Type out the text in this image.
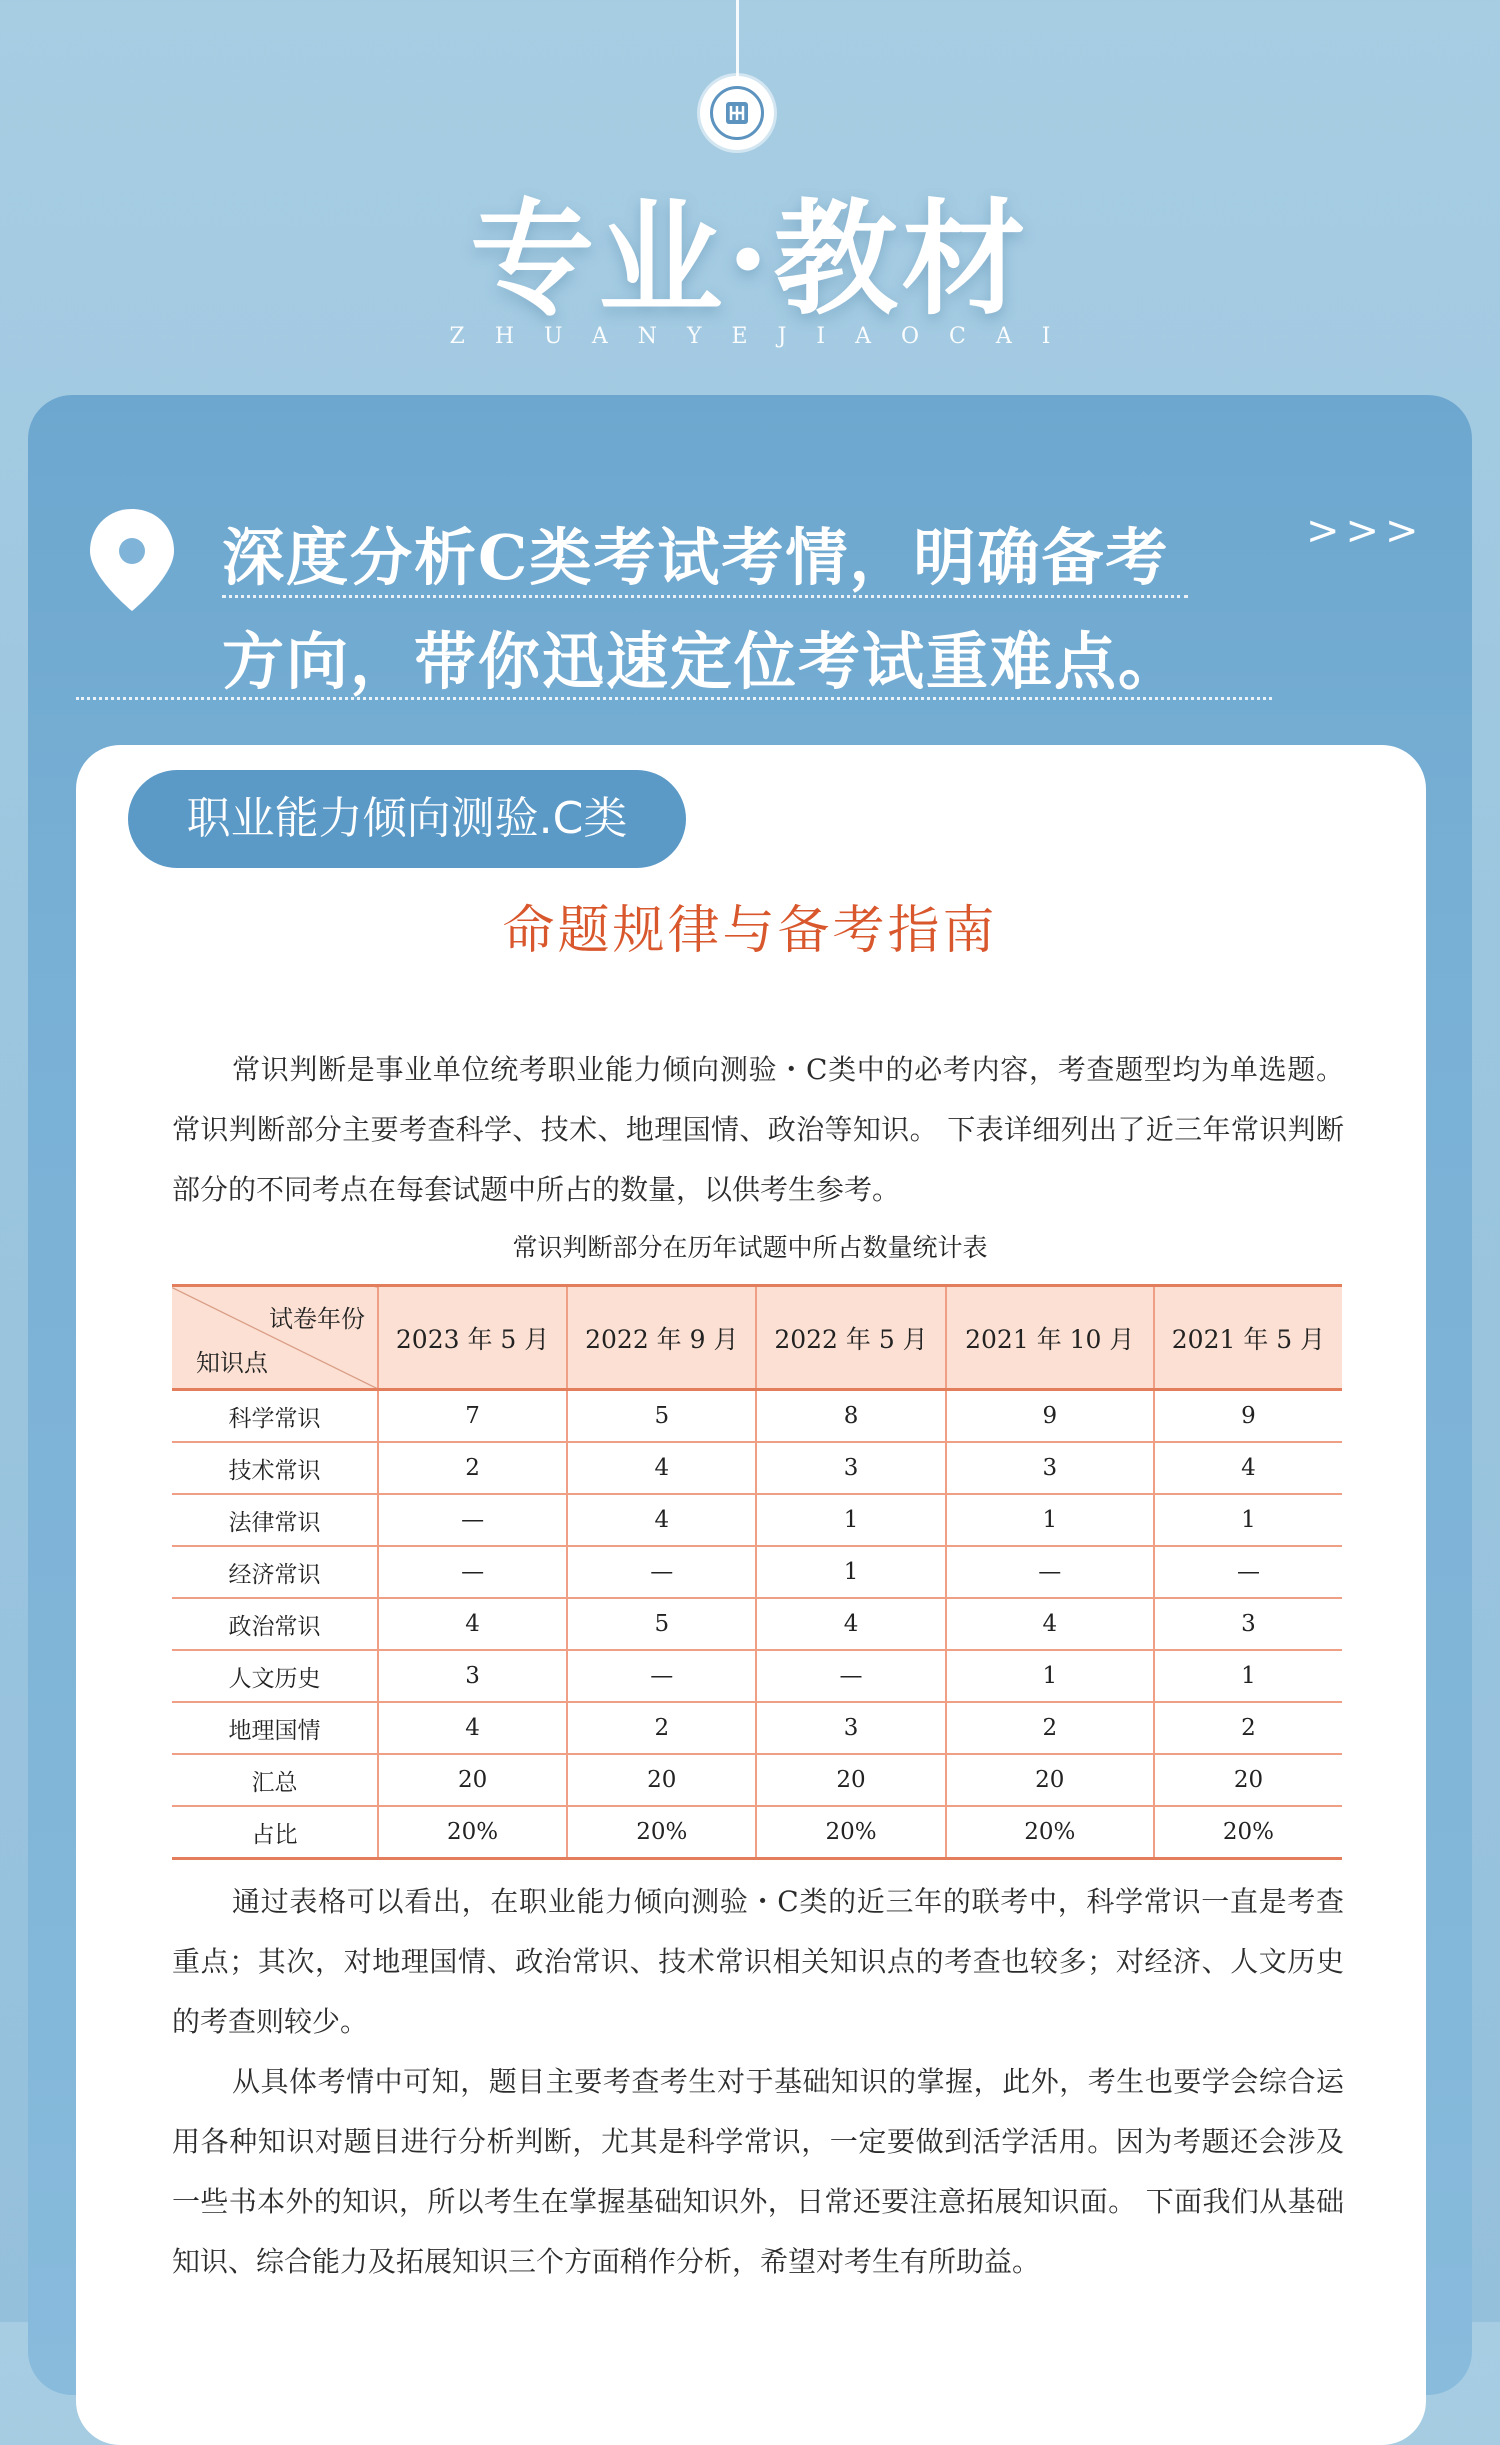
专业·教材
ZHUANYEJIAOCAI
深度分析C类考试考情，明确备考
方向，带你迅速定位考试重难点。
>>>
职业能力倾向测验.C类
命题规律与备考指南

常识判断是事业单位统考职业能力倾向测验・C类中的必考内容，考查题型均为单选题。 常识判断部分主要考查科学、技术、地理国情、政治等知识。 下表详细列出了近三年常识判断部分的不同考点在每套试题中所占的数量，以供考生参考。

常识判断部分在历年试题中所占数量统计表
试卷年份
知识点	2023 年 5 月	2022 年 9 月	2022 年 5 月	2021 年 10 月	2021 年 5 月
科学常识	7	5	8	9	9
技术常识	2	4	3	3	4
法律常识	—	4	1	1	1
经济常识	—	—	1	—	—
政治常识	4	5	4	4	3
人文历史	3	—	—	1	1
地理国情	4	2	3	2	2
汇总	20	20	20	20	20
占比	20%	20%	20%	20%	20%

通过表格可以看出，在职业能力倾向测验・C类的近三年的联考中，科学常识一直是考查重点；其次，对地理国情、政治常识、技术常识相关知识点的考查也较多；对经济、人文历史的考查则较少。

从具体考情中可知，题目主要考查考生对于基础知识的掌握，此外，考生也要学会综合运用各种知识对题目进行分析判断，尤其是科学常识，一定要做到活学活用。因为考题还会涉及一些书本外的知识，所以考生在掌握基础知识外，日常还要注意拓展知识面。 下面我们从基础知识、综合能力及拓展知识三个方面稍作分析，希望对考生有所助益。
